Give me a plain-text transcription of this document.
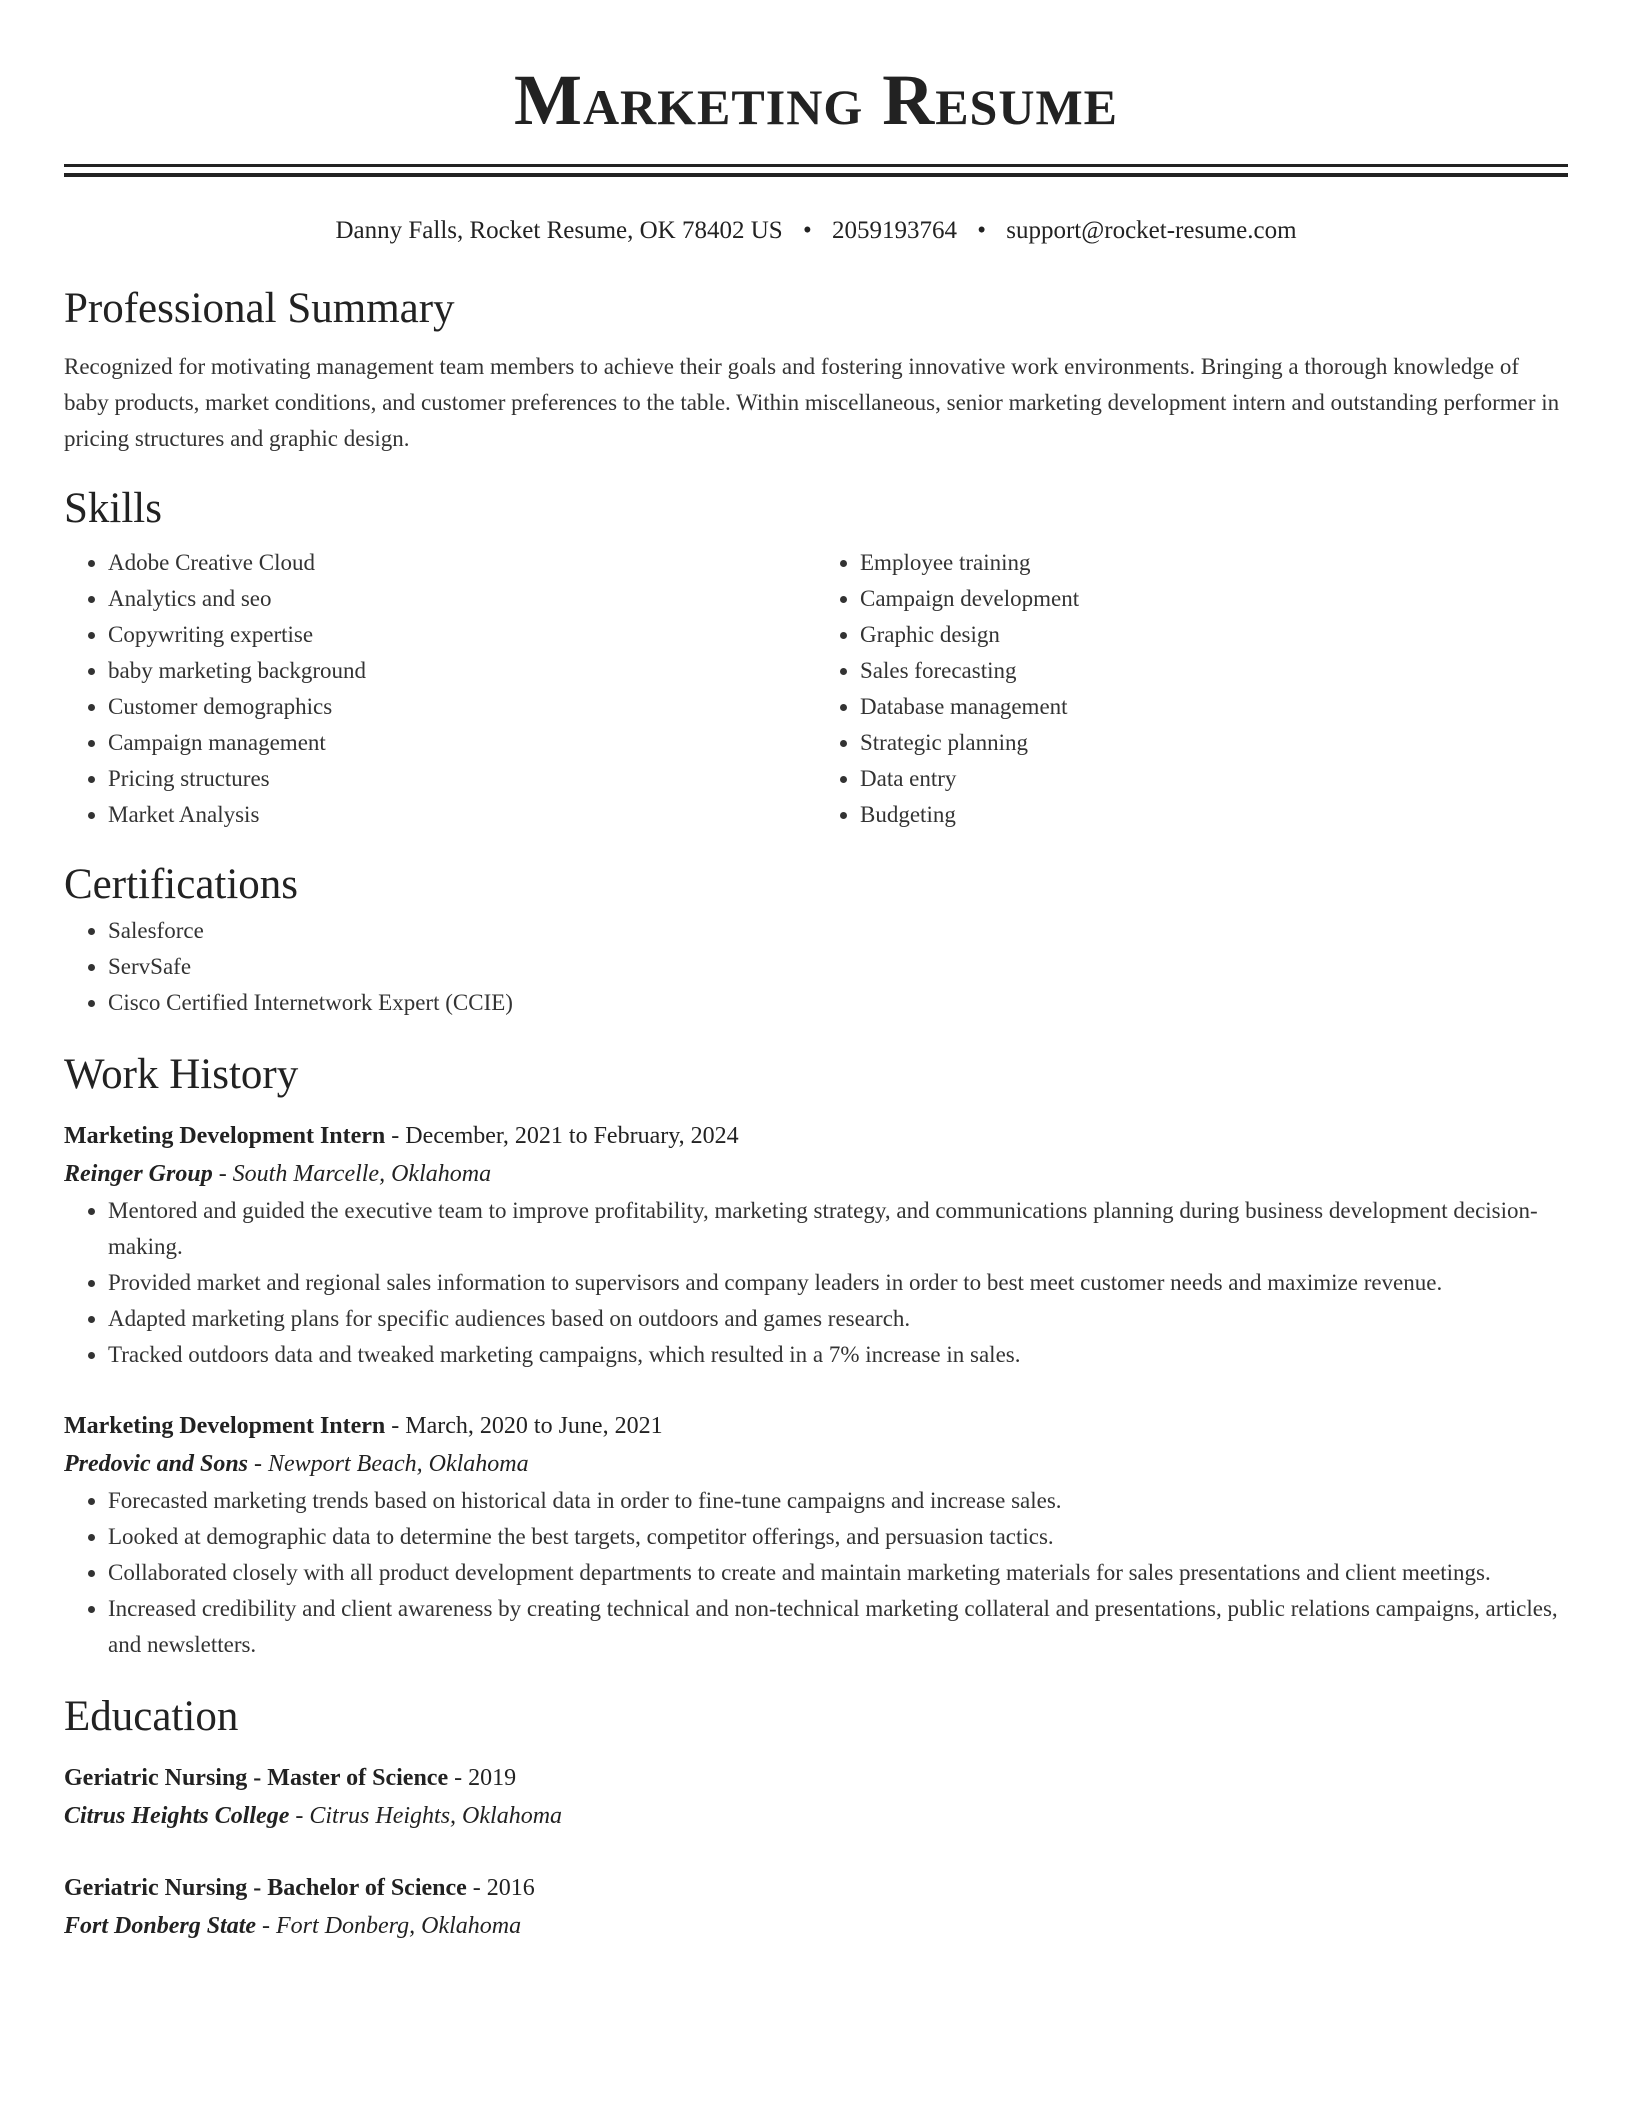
Marketing Resume
Danny Falls, Rocket Resume, OK 78402 US • 2059193764 • support@rocket-resume.com
Professional Summary
Recognized for motivating management team members to achieve their goals and fostering innovative work environments. Bringing a thorough knowledge of baby products, market conditions, and customer preferences to the table. Within miscellaneous, senior marketing development intern and outstanding performer in pricing structures and graphic design.
Skills
• Adobe Creative Cloud
• Analytics and seo
• Copywriting expertise
• baby marketing background
• Customer demographics
• Campaign management
• Pricing structures
• Market Analysis
• Employee training
• Campaign development
• Graphic design
• Sales forecasting
• Database management
• Strategic planning
• Data entry
• Budgeting
Certifications
• Salesforce
• ServSafe
• Cisco Certified Internetwork Expert (CCIE)
Work History
Marketing Development Intern - December, 2021 to February, 2024
Reinger Group - South Marcelle, Oklahoma
• Mentored and guided the executive team to improve profitability, marketing strategy, and communications planning during business development decision-making.
• Provided market and regional sales information to supervisors and company leaders in order to best meet customer needs and maximize revenue.
• Adapted marketing plans for specific audiences based on outdoors and games research.
• Tracked outdoors data and tweaked marketing campaigns, which resulted in a 7% increase in sales.
Marketing Development Intern - March, 2020 to June, 2021
Predovic and Sons - Newport Beach, Oklahoma
• Forecasted marketing trends based on historical data in order to fine-tune campaigns and increase sales.
• Looked at demographic data to determine the best targets, competitor offerings, and persuasion tactics.
• Collaborated closely with all product development departments to create and maintain marketing materials for sales presentations and client meetings.
• Increased credibility and client awareness by creating technical and non-technical marketing collateral and presentations, public relations campaigns, articles, and newsletters.
Education
Geriatric Nursing - Master of Science - 2019
Citrus Heights College - Citrus Heights, Oklahoma
Geriatric Nursing - Bachelor of Science - 2016
Fort Donberg State - Fort Donberg, Oklahoma
